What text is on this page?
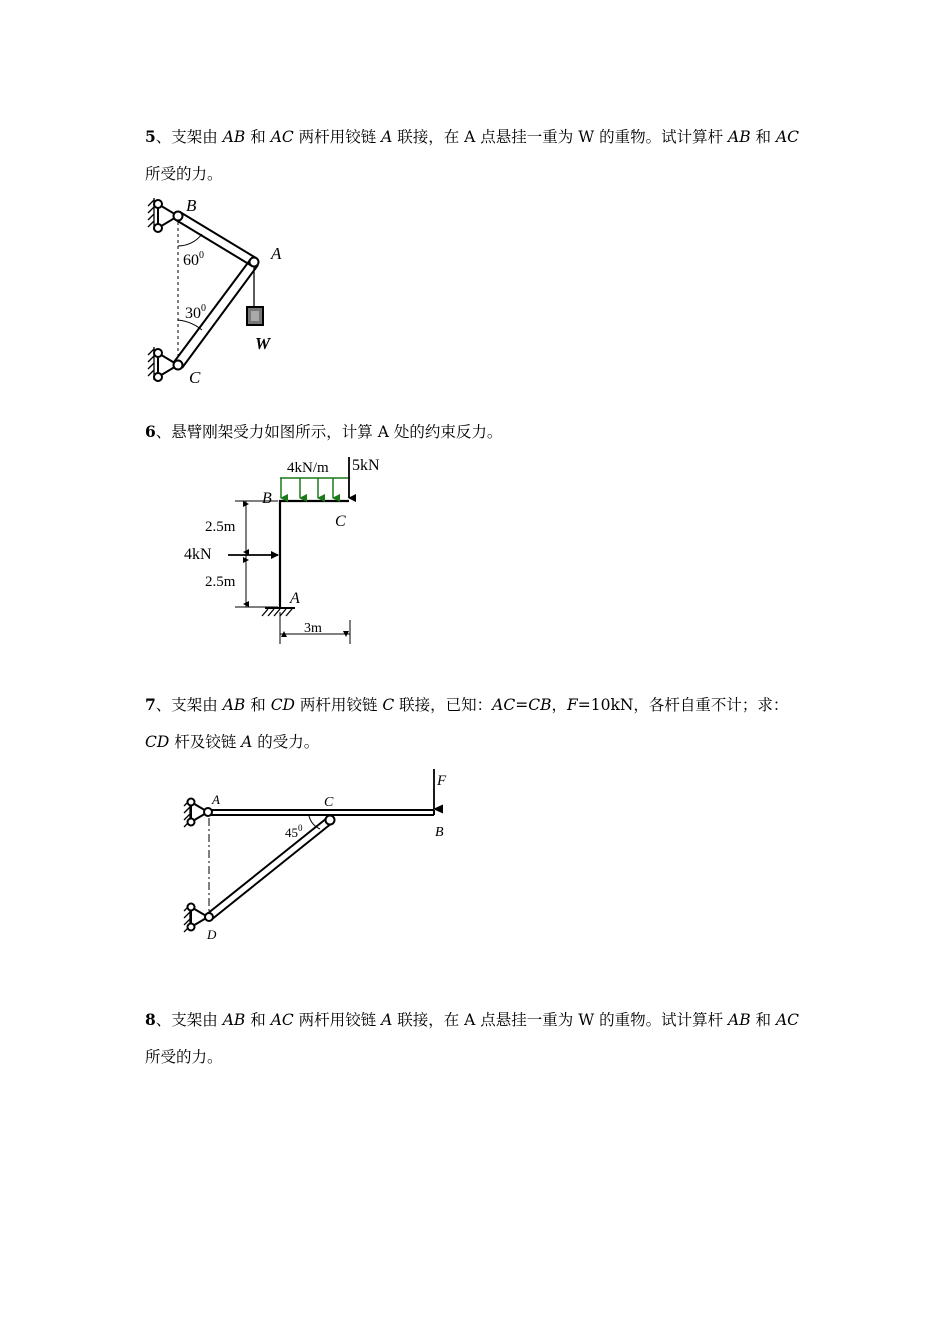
5、支架由 AB 和 AC 两杆用铰链 A 联接，在 A 点悬挂一重为 W 的重物。试计算杆 AB 和 AC 所受的力。
B
A
C
W
$60^0$
$30^0$
6、悬臂刚架受力如图所示，计算 A 处的约束反力。
4kN/m 5kN
4kN
2.5m
2.5m
3m
B
C
A
7、支架由 AB 和 CD 两杆用铰链 C 联接，已知：AC=CB，F=10kN，各杆自重不计；求：CD 杆及铰链 A 的受力。
A	C
B
D
F
$45^0$
8、支架由 AB 和 AC 两杆用铰链 A 联接，在 A 点悬挂一重为 W 的重物。试计算杆 AB 和 AC 所受的力。
